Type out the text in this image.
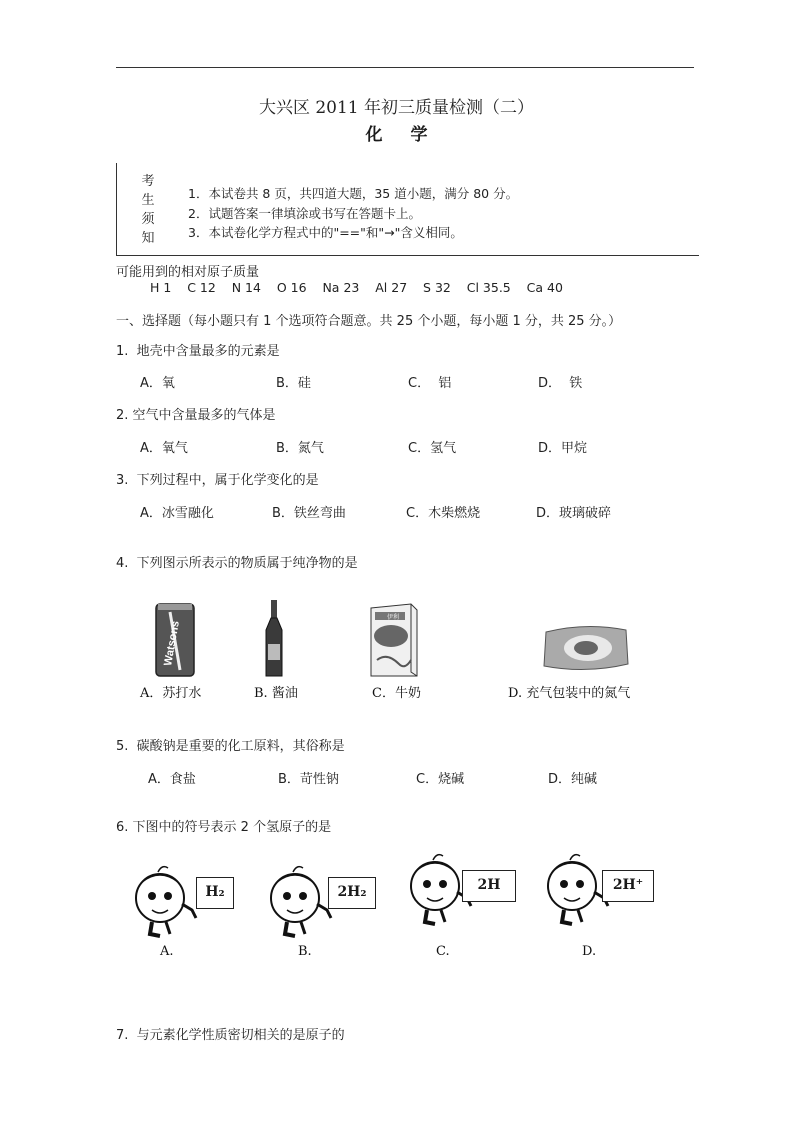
大兴区 2011 年初三质量检测（二）
化学
考
生
须
知
1．本试卷共 8 页，共四道大题，35 道小题，满分 80 分。
2．试题答案一律填涂或书写在答题卡上。
3．本试卷化学方程式中的"=="和"→"含义相同。
可能用到的相对原子质量
H 1    C 12    N 14    O 16    Na 23    Al 27    S 32    Cl 35.5    Ca 40
一、选择题（每小题只有 1 个选项符合题意。共 25 个小题，每小题 1 分，共 25 分。）
1.  地壳中含量最多的元素是
A．氧	B．硅	C．  铝	D．  铁
2. 空气中含量最多的气体是
A．氧气	B．氮气	C．氢气	D．甲烷
3.  下列过程中，属于化学变化的是
A．冰雪融化	B．铁丝弯曲	C．木柴燃烧	D．玻璃破碎
4.  下列图示所表示的物质属于纯净物的是
Watsons
伊利
A．苏打水	B. 酱油	C．牛奶	D. 充气包装中的氮气
5.  碳酸钠是重要的化工原料，其俗称是
A．食盐	B．苛性钠	C．烧碱	D．纯碱
6. 下图中的符号表示 2 个氢原子的是
H₂	2H₂	2H	2H⁺
A.	B.	C.	D.
7.  与元素化学性质密切相关的是原子的
